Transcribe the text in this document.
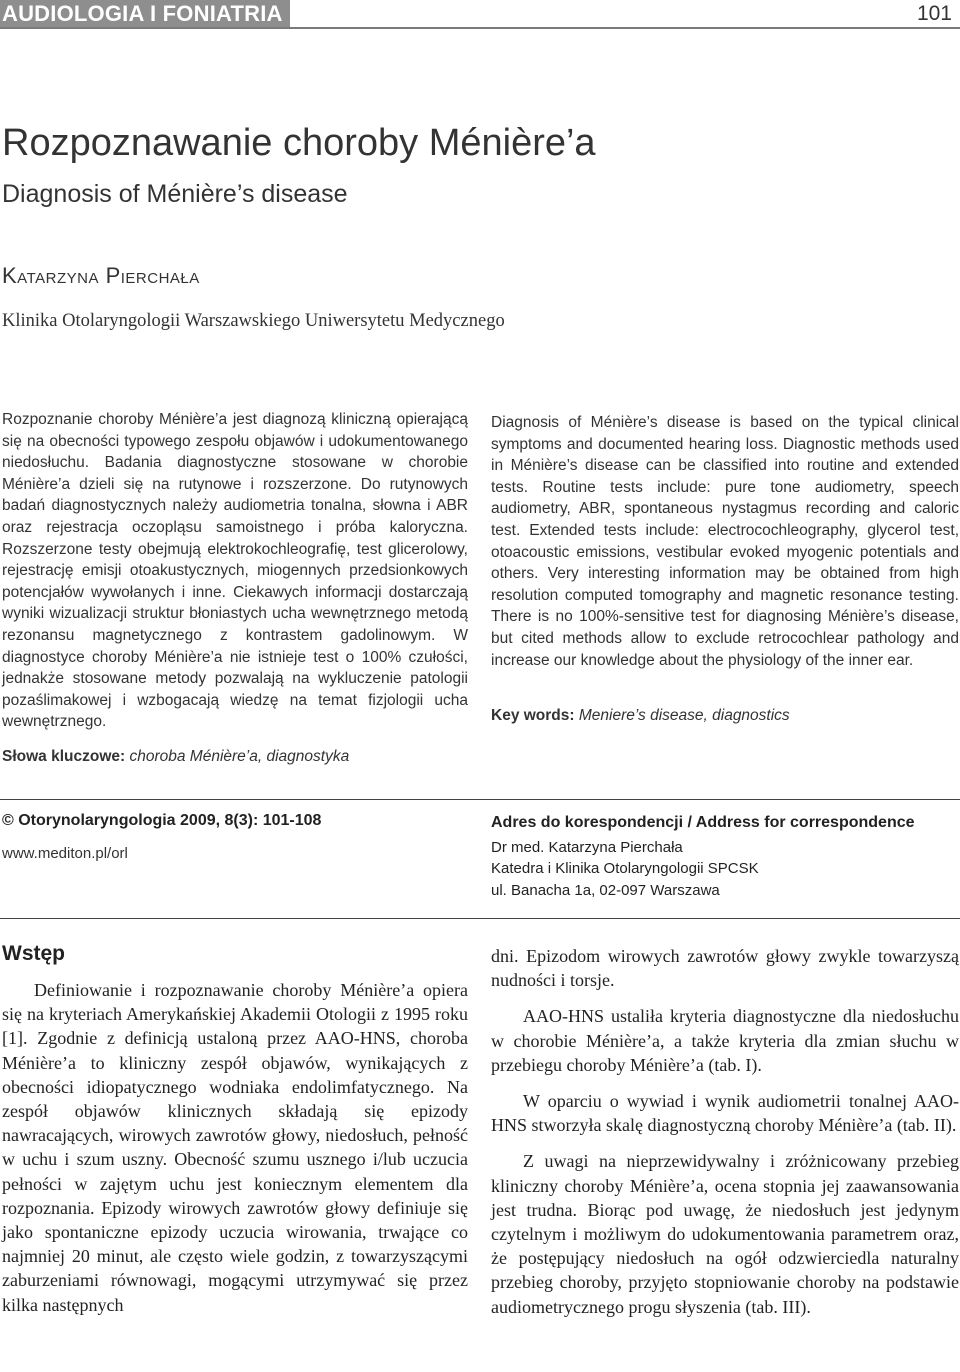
AUDIOLOGIA I FONIATRIA	101
Rozpoznawanie choroby Ménière’a
Diagnosis of Ménière’s disease
Katarzyna Pierchała
Klinika Otolaryngologii Warszawskiego Uniwersytetu Medycznego
Rozpoznanie choroby Ménière’a jest diagnozą kliniczną opierającą się na obecności typowego zespołu objawów i udokumentowanego niedosłuchu. Badania diagnostyczne stosowane w chorobie Ménière’a dzieli się na rutynowe i rozszerzone. Do rutynowych badań diagnostycznych należy audiometria tonalna, słowna i ABR oraz rejestracja oczopląsu samoistnego i próba kaloryczna. Rozszerzone testy obejmują elektrokochleografię, test glicerolowy, rejestrację emisji otoakustycznych, miogennych przedsionkowych potencjałów wywołanych i inne. Ciekawych informacji dostarczają wyniki wizualizacji struktur błoniastych ucha wewnętrznego metodą rezonansu magnetycznego z kontrastem gadolinowym. W diagnostyce choroby Ménière’a nie istnieje test o 100% czułości, jednakże stosowane metody pozwalają na wykluczenie patologii pozaślimakowej i wzbogacają wiedzę na temat fizjologii ucha wewnętrznego.
Słowa kluczowe: choroba Ménière’a, diagnostyka
Diagnosis of Ménière’s disease is based on the typical clinical symptoms and documented hearing loss. Diagnostic methods used in Ménière’s disease can be classified into routine and extended tests. Routine tests include: pure tone audiometry, speech audiometry, ABR, spontaneous nystagmus recording and caloric test. Extended tests include: electrocochleography, glycerol test, otoacoustic emissions, vestibular evoked myogenic potentials and others. Very interesting information may be obtained from high resolution computed tomography and magnetic resonance testing. There is no 100%-sensitive test for diagnosing Ménière’s disease, but cited methods allow to exclude retrocochlear pathology and increase our knowledge about the physiology of the inner ear.
Key words: Meniere’s disease, diagnostics
© Otorynolaryngologia 2009, 8(3): 101-108
www.mediton.pl/orl
Adres do korespondencji / Address for correspondence
Dr med. Katarzyna Pierchała
Katedra i Klinika Otolaryngologii SPCSK
ul. Banacha 1a, 02-097 Warszawa
Wstęp

Definiowanie i rozpoznawanie choroby Ménière’a opiera się na kryteriach Amerykańskiej Akademii Otologii z 1995 roku [1]. Zgodnie z definicją ustaloną przez AAO-HNS, choroba Ménière’a to kliniczny zespół objawów, wynikających z obecności idiopatycznego wodniaka endolimfatycznego. Na zespół objawów klinicznych składają się epizody nawracających, wirowych zawrotów głowy, niedosłuch, pełność w uchu i szum uszny. Obecność szumu usznego i/lub uczucia pełności w zajętym uchu jest koniecznym elementem dla rozpoznania. Epizody wirowych zawrotów głowy definiuje się jako spontaniczne epizody uczucia wirowania, trwające co najmniej 20 minut, ale często wiele godzin, z towarzyszącymi zaburzeniami równowagi, mogącymi utrzymywać się przez kilka następnych

dni. Epizodom wirowych zawrotów głowy zwykle towarzyszą nudności i torsje.

AAO-HNS ustaliła kryteria diagnostyczne dla niedosłuchu w chorobie Ménière’a, a także kryteria dla zmian słuchu w przebiegu choroby Ménière’a (tab. I).

W oparciu o wywiad i wynik audiometrii tonalnej AAO-HNS stworzyła skalę diagnostyczną choroby Ménière’a (tab. II).

Z uwagi na nieprzewidywalny i zróżnicowany przebieg kliniczny choroby Ménière’a, ocena stopnia jej zaawansowania jest trudna. Biorąc pod uwagę, że niedosłuch jest jedynym czytelnym i możliwym do udokumentowania parametrem oraz, że postępujący niedosłuch na ogół odzwierciedla naturalny przebieg choroby, przyjęto stopniowanie choroby na podstawie audiometrycznego progu słyszenia (tab. III).
